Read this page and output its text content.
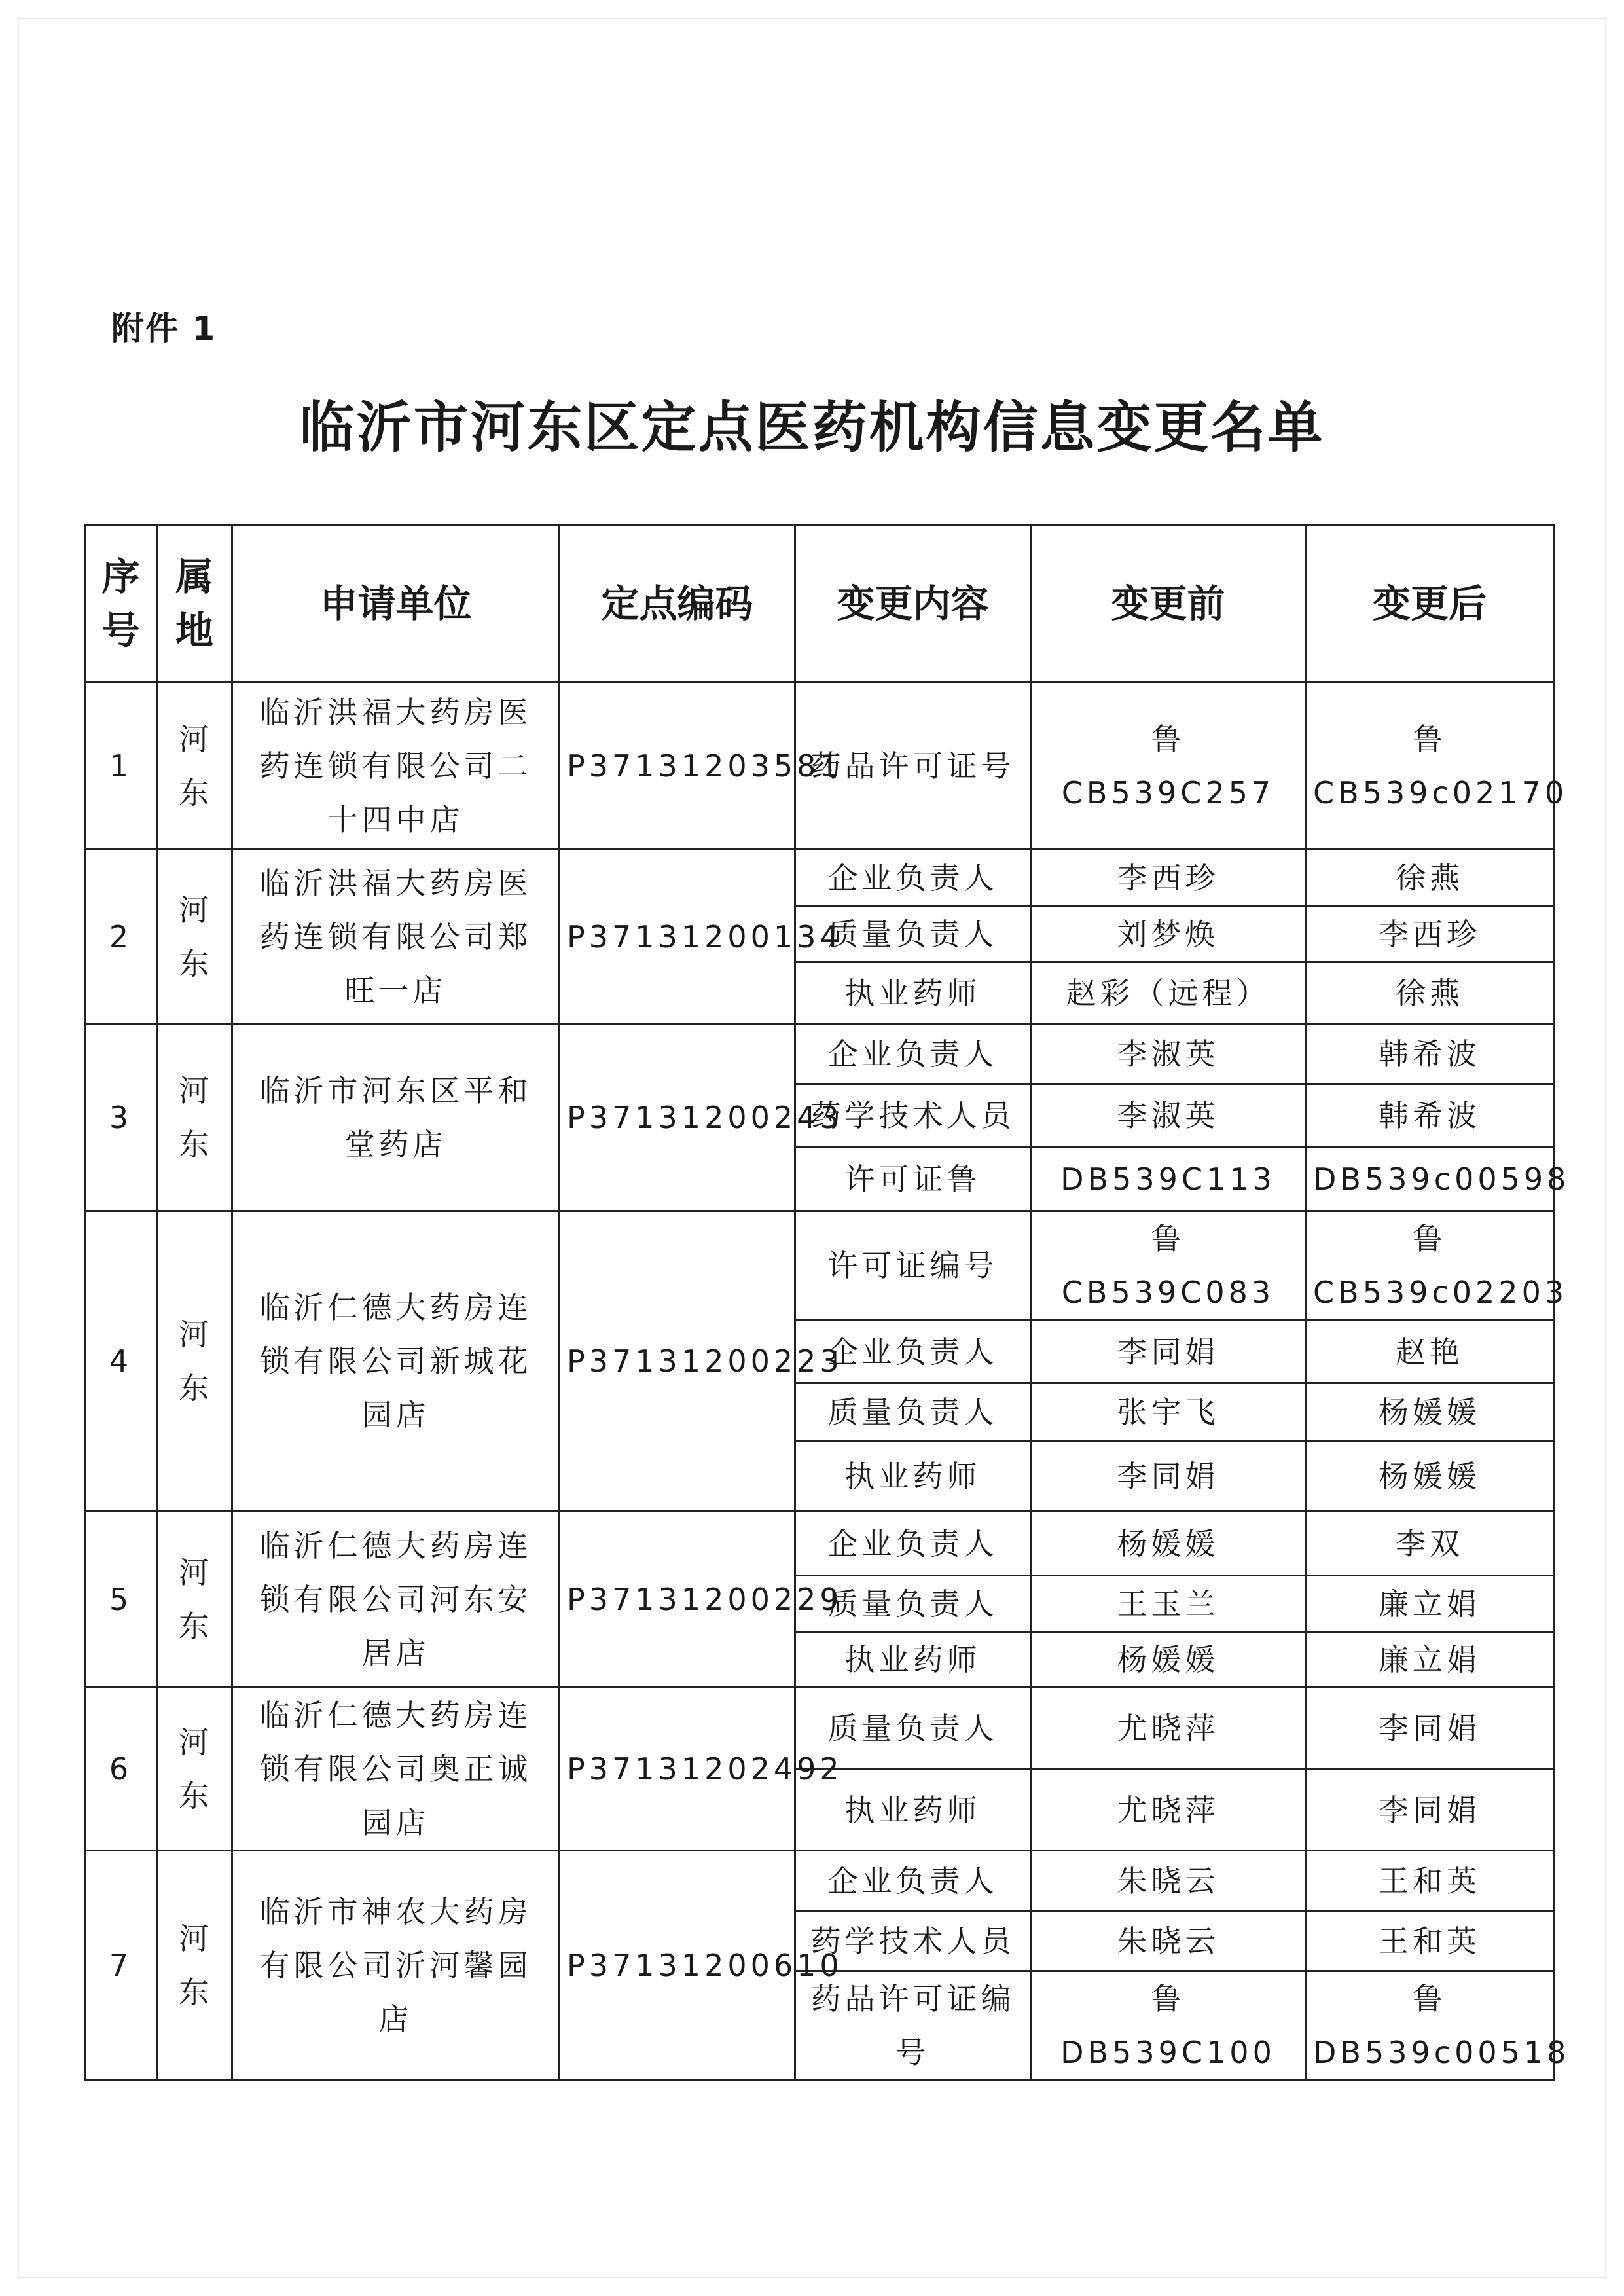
附件 1
临沂市河东区定点医药机构信息变更名单
序号	属地	申请单位	定点编码	变更内容	变更前	变更后
1	河东	临沂洪福大药房医药连锁有限公司二十四中店	P37131203581	药品许可证号	鲁 CB539C257	鲁 CB539c02170
2	河东	临沂洪福大药房医药连锁有限公司郑旺一店	P37131200134	企业负责人	李西珍	徐燕
				质量负责人	刘梦焕	李西珍
				执业药师	赵彩（远程）	徐燕
3	河东	临沂市河东区平和堂药店	P37131200243	企业负责人	李淑英	韩希波
				药学技术人员	李淑英	韩希波
				许可证鲁	DB539C113	DB539c00598
4	河东	临沂仁德大药房连锁有限公司新城花园店	P37131200223	许可证编号	鲁 CB539C083	鲁 CB539c02203
				企业负责人	李同娟	赵艳
				质量负责人	张宇飞	杨媛媛
				执业药师	李同娟	杨媛媛
5	河东	临沂仁德大药房连锁有限公司河东安居店	P37131200229	企业负责人	杨媛媛	李双
				质量负责人	王玉兰	廉立娟
				执业药师	杨媛媛	廉立娟
6	河东	临沂仁德大药房连锁有限公司奥正诚园店	P37131202492	质量负责人	尤晓萍	李同娟
				执业药师	尤晓萍	李同娟
7	河东	临沂市神农大药房有限公司沂河馨园店	P37131200610	企业负责人	朱晓云	王和英
				药学技术人员	朱晓云	王和英
				药品许可证编号	鲁 DB539C100	鲁 DB539c00518
